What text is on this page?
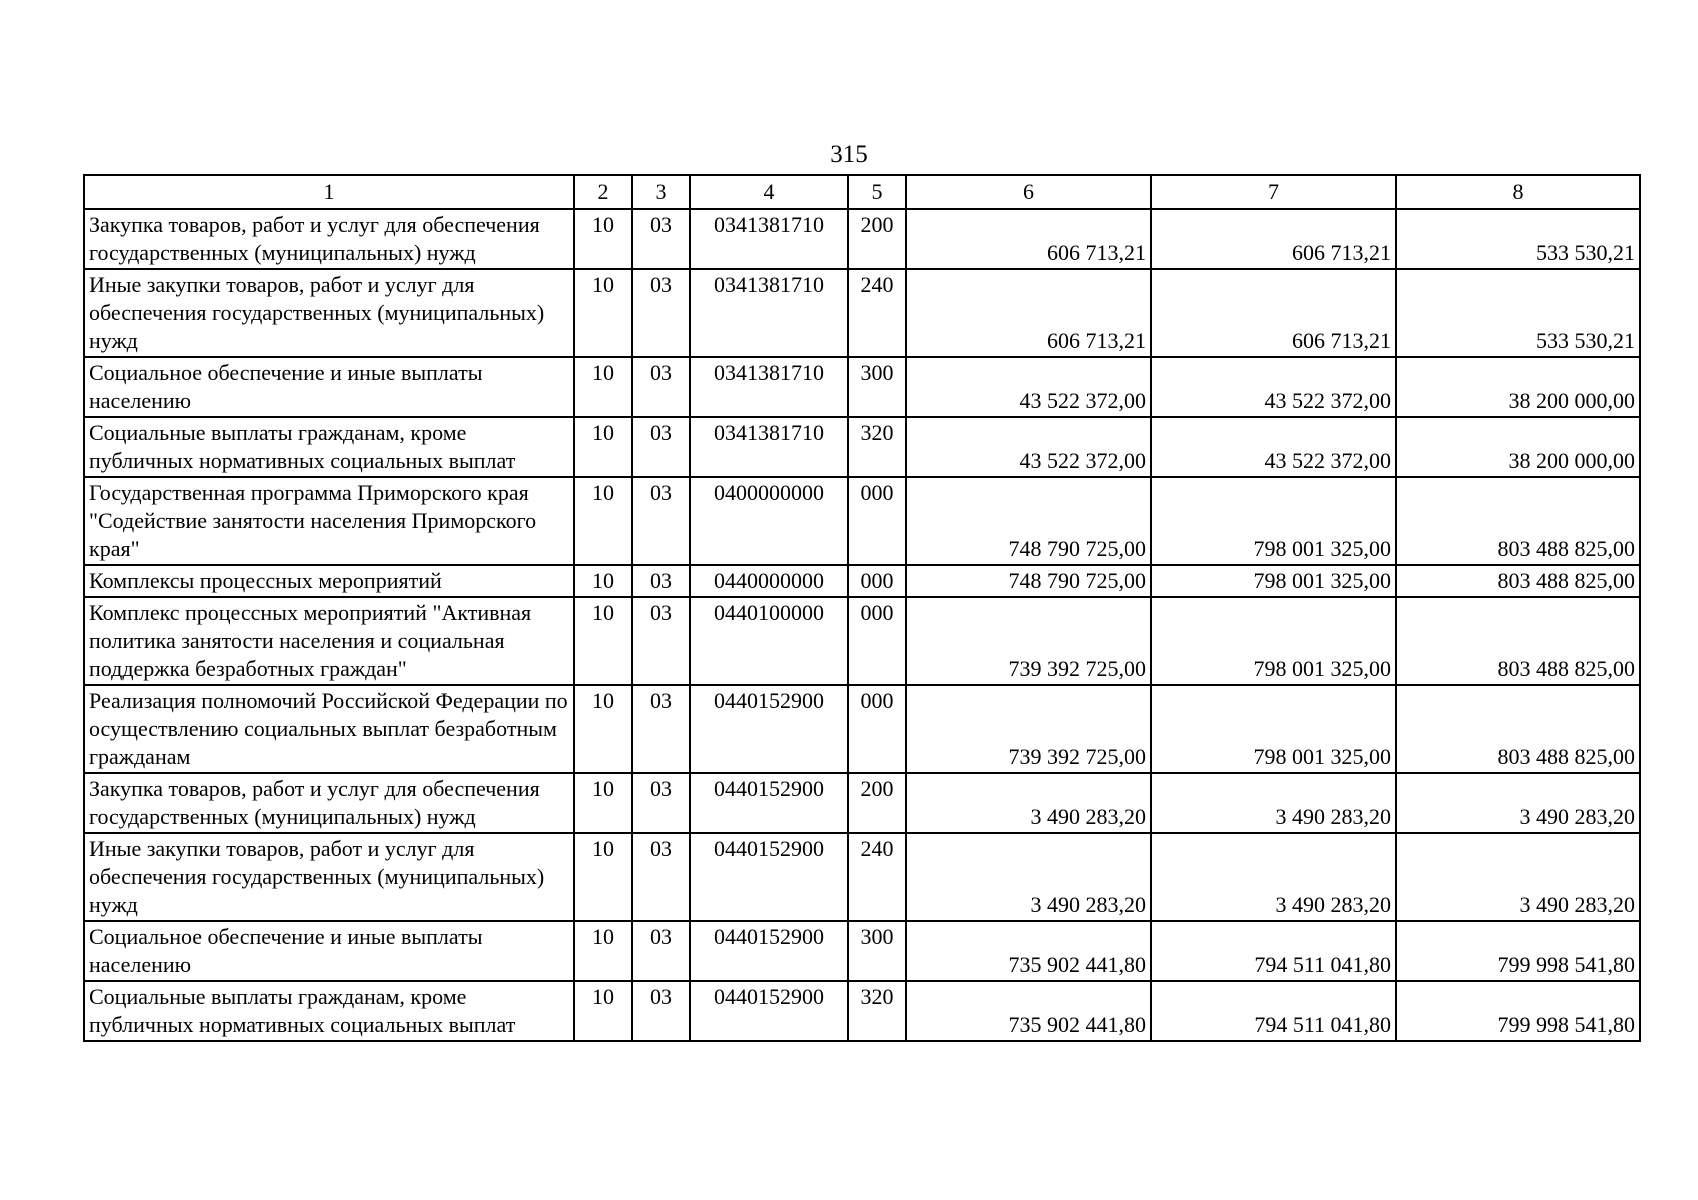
315
1	2	3	4	5	6	7	8
Закупка товаров, работ и услуг для обеспечения государственных (муниципальных) нужд	10	03	0341381710	200	606 713,21	606 713,21	533 530,21
Иные закупки товаров, работ и услуг для обеспечения государственных (муниципальных) нужд	10	03	0341381710	240	606 713,21	606 713,21	533 530,21
Социальное обеспечение и иные выплаты населению	10	03	0341381710	300	43 522 372,00	43 522 372,00	38 200 000,00
Социальные выплаты гражданам, кроме публичных нормативных социальных выплат	10	03	0341381710	320	43 522 372,00	43 522 372,00	38 200 000,00
Государственная программа Приморского края "Содействие занятости населения Приморского края"	10	03	0400000000	000	748 790 725,00	798 001 325,00	803 488 825,00
Комплексы процессных мероприятий	10	03	0440000000	000	748 790 725,00	798 001 325,00	803 488 825,00
Комплекс процессных мероприятий "Активная политика занятости населения и социальная поддержка безработных граждан"	10	03	0440100000	000	739 392 725,00	798 001 325,00	803 488 825,00
Реализация полномочий Российской Федерации по осуществлению социальных выплат безработным гражданам	10	03	0440152900	000	739 392 725,00	798 001 325,00	803 488 825,00
Закупка товаров, работ и услуг для обеспечения государственных (муниципальных) нужд	10	03	0440152900	200	3 490 283,20	3 490 283,20	3 490 283,20
Иные закупки товаров, работ и услуг для обеспечения государственных (муниципальных) нужд	10	03	0440152900	240	3 490 283,20	3 490 283,20	3 490 283,20
Социальное обеспечение и иные выплаты населению	10	03	0440152900	300	735 902 441,80	794 511 041,80	799 998 541,80
Социальные выплаты гражданам, кроме публичных нормативных социальных выплат	10	03	0440152900	320	735 902 441,80	794 511 041,80	799 998 541,80
